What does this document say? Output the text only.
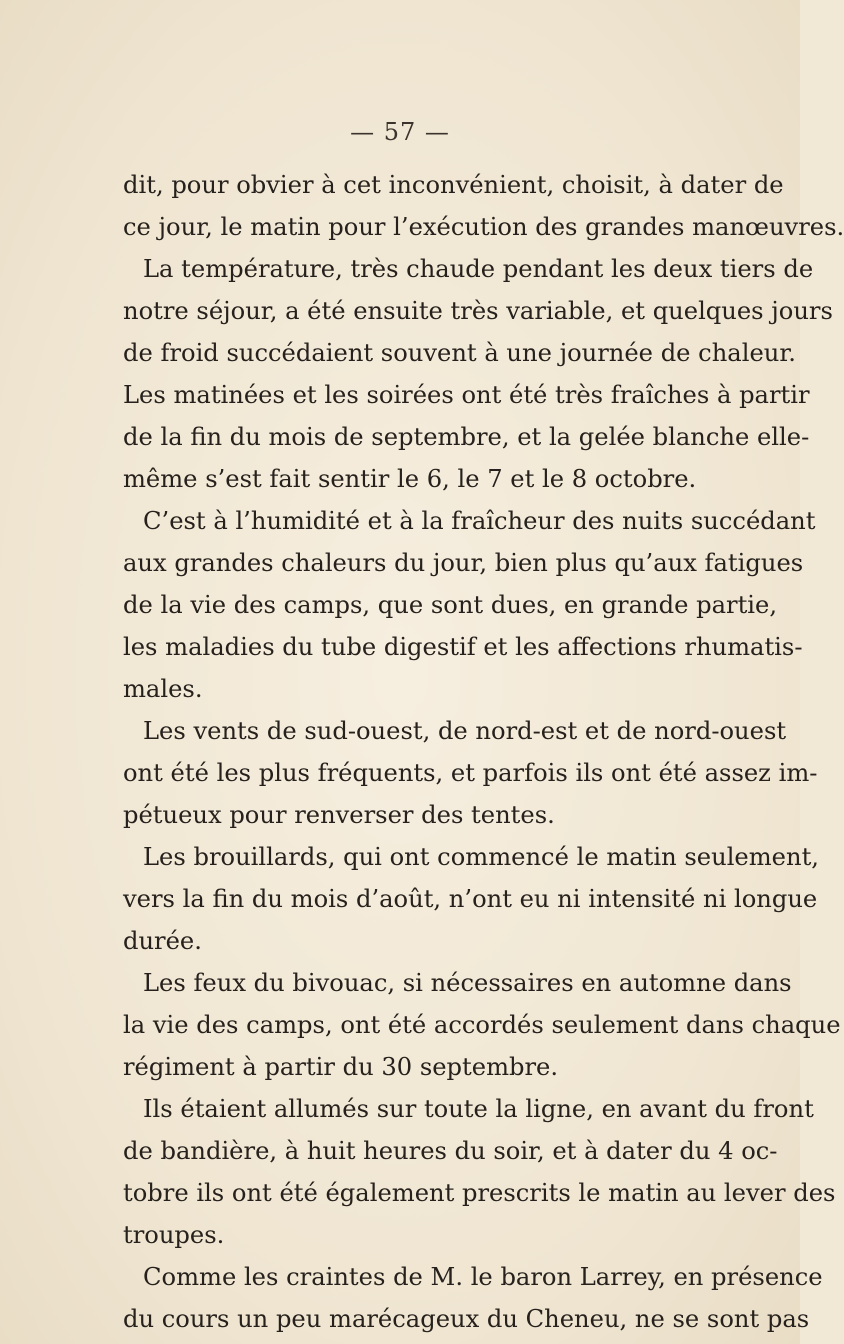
— 57 —
dit, pour obvier à cet inconvénient, choisit, à dater de
ce jour, le matin pour l’exécution des grandes manœuvres.
La température, très chaude pendant les deux tiers de
notre séjour, a été ensuite très variable, et quelques jours
de froid succédaient souvent à une journée de chaleur.
Les matinées et les soirées ont été très fraîches à partir
de la fin du mois de septembre, et la gelée blanche elle-
même s’est fait sentir le 6, le 7 et le 8 octobre.
C’est à l’humidité et à la fraîcheur des nuits succédant
aux grandes chaleurs du jour, bien plus qu’aux fatigues
de la vie des camps, que sont dues, en grande partie,
les maladies du tube digestif et les affections rhumatis-
males.
Les vents de sud-ouest, de nord-est et de nord-ouest
ont été les plus fréquents, et parfois ils ont été assez im-
pétueux pour renverser des tentes.
Les brouillards, qui ont commencé le matin seulement,
vers la fin du mois d’août, n’ont eu ni intensité ni longue
durée.
Les feux du bivouac, si nécessaires en automne dans
la vie des camps, ont été accordés seulement dans chaque
régiment à partir du 30 septembre.
Ils étaient allumés sur toute la ligne, en avant du front
de bandière, à huit heures du soir, et à dater du 4 oc-
tobre ils ont été également prescrits le matin au lever des
troupes.
Comme les craintes de M. le baron Larrey, en présence
du cours un peu marécageux du Cheneu, ne se sont pas
